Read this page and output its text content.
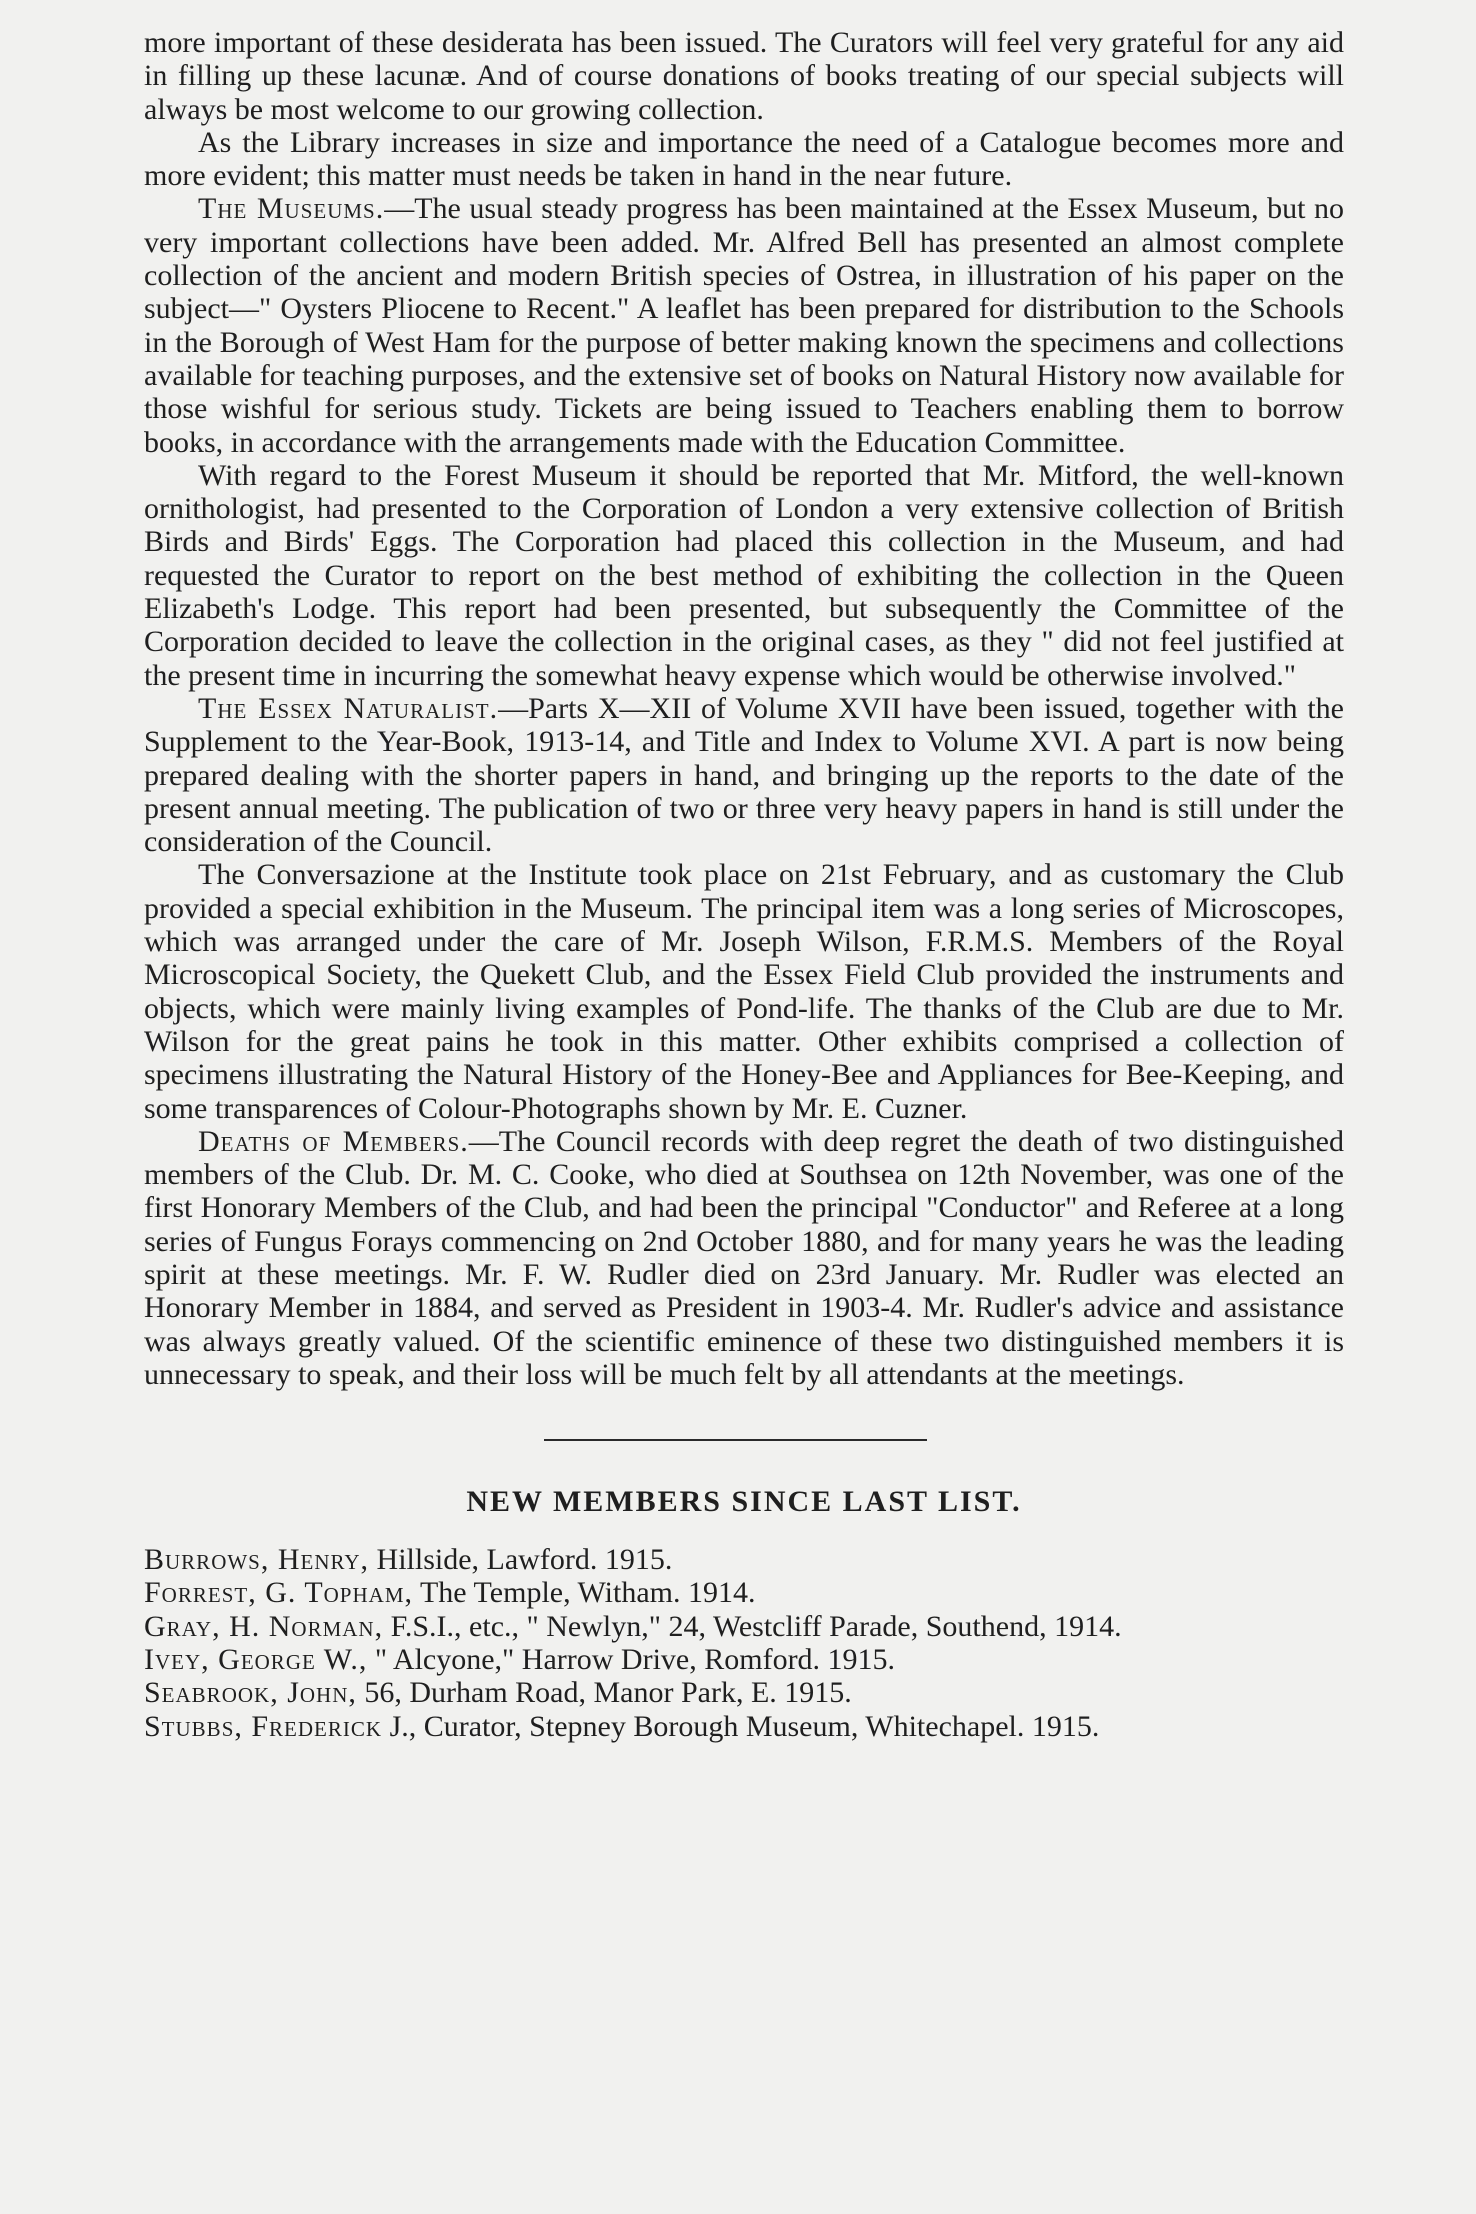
more important of these desiderata has been issued. The Curators will feel very grateful for any aid in filling up these lacunæ. And of course donations of books treating of our special subjects will always be most welcome to our growing collection.

As the Library increases in size and importance the need of a Catalogue becomes more and more evident; this matter must needs be taken in hand in the near future.

The Museums.—The usual steady progress has been maintained at the Essex Museum, but no very important collections have been added. Mr. Alfred Bell has presented an almost complete collection of the ancient and modern British species of Ostrea, in illustration of his paper on the subject—" Oysters Pliocene to Recent." A leaflet has been prepared for distribution to the Schools in the Borough of West Ham for the purpose of better making known the specimens and collections available for teaching purposes, and the extensive set of books on Natural History now available for those wishful for serious study. Tickets are being issued to Teachers enabling them to borrow books, in accordance with the arrangements made with the Education Committee.

With regard to the Forest Museum it should be reported that Mr. Mitford, the well-known ornithologist, had presented to the Corporation of London a very extensive collection of British Birds and Birds' Eggs. The Corporation had placed this collection in the Museum, and had requested the Curator to report on the best method of exhibiting the collection in the Queen Elizabeth's Lodge. This report had been presented, but subsequently the Committee of the Corporation decided to leave the collection in the original cases, as they " did not feel justified at the present time in incurring the somewhat heavy expense which would be otherwise involved."

The Essex Naturalist.—Parts X—XII of Volume XVII have been issued, together with the Supplement to the Year-Book, 1913-14, and Title and Index to Volume XVI. A part is now being prepared dealing with the shorter papers in hand, and bringing up the reports to the date of the present annual meeting. The publication of two or three very heavy papers in hand is still under the consideration of the Council.

The Conversazione at the Institute took place on 21st February, and as customary the Club provided a special exhibition in the Museum. The principal item was a long series of Microscopes, which was arranged under the care of Mr. Joseph Wilson, F.R.M.S. Members of the Royal Microscopical Society, the Quekett Club, and the Essex Field Club provided the instruments and objects, which were mainly living examples of Pond-life. The thanks of the Club are due to Mr. Wilson for the great pains he took in this matter. Other exhibits comprised a collection of specimens illustrating the Natural History of the Honey-Bee and Appliances for Bee-Keeping, and some transparences of Colour-Photographs shown by Mr. E. Cuzner.

Deaths of Members.—The Council records with deep regret the death of two distinguished members of the Club. Dr. M. C. Cooke, who died at Southsea on 12th November, was one of the first Honorary Members of the Club, and had been the principal "Conductor" and Referee at a long series of Fungus Forays commencing on 2nd October 1880, and for many years he was the leading spirit at these meetings. Mr. F. W. Rudler died on 23rd January. Mr. Rudler was elected an Honorary Member in 1884, and served as President in 1903-4. Mr. Rudler's advice and assistance was always greatly valued. Of the scientific eminence of these two distinguished members it is unnecessary to speak, and their loss will be much felt by all attendants at the meetings.

NEW MEMBERS SINCE LAST LIST.

Burrows, Henry, Hillside, Lawford. 1915.

Forrest, G. Topham, The Temple, Witham. 1914.

Gray, H. Norman, F.S.I., etc., " Newlyn," 24, Westcliff Parade, Southend, 1914.

Ivey, George W., " Alcyone," Harrow Drive, Romford. 1915.

Seabrook, John, 56, Durham Road, Manor Park, E. 1915.

Stubbs, Frederick J., Curator, Stepney Borough Museum, Whitechapel. 1915.
